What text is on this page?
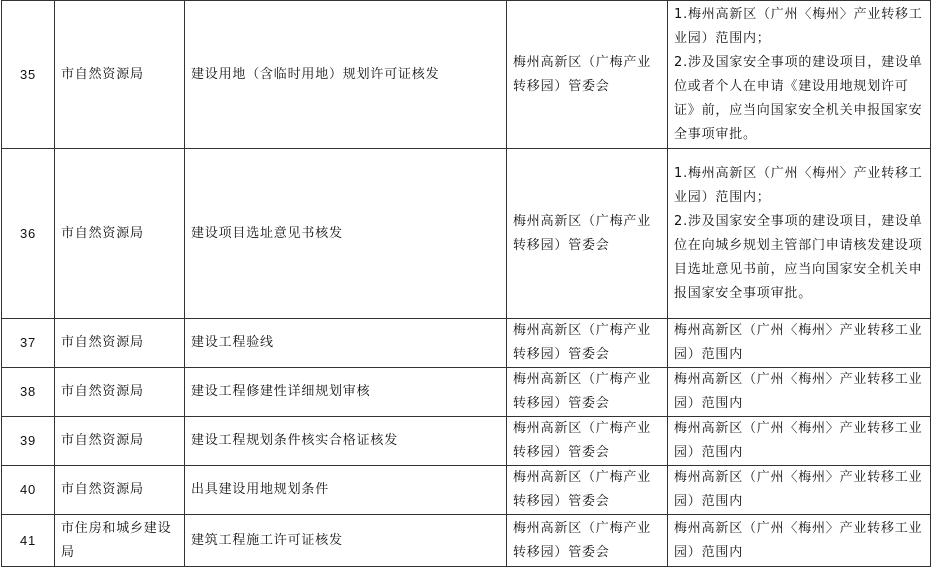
35	市自然资源局	建设用地（含临时用地）规划许可证核发	梅州高新区（广梅产业转移园）管委会	1.梅州高新区（广州〈梅州〉产业转移工业园）范围内；
2.涉及国家安全事项的建设项目，建设单位或者个人在申请《建设用地规划许可证》前，应当向国家安全机关申报国家安全事项审批。

36	市自然资源局	建设项目选址意见书核发	梅州高新区（广梅产业转移园）管委会	1.梅州高新区（广州〈梅州〉产业转移工业园）范围内；
2.涉及国家安全事项的建设项目，建设单位在向城乡规划主管部门申请核发建设项目选址意见书前，应当向国家安全机关申报国家安全事项审批。

37	市自然资源局	建设工程验线	梅州高新区（广梅产业转移园）管委会	梅州高新区（广州〈梅州〉产业转移工业园）范围内
38	市自然资源局	建设工程修建性详细规划审核	梅州高新区（广梅产业转移园）管委会	梅州高新区（广州〈梅州〉产业转移工业园）范围内
39	市自然资源局	建设工程规划条件核实合格证核发	梅州高新区（广梅产业转移园）管委会	梅州高新区（广州〈梅州〉产业转移工业园）范围内
40	市自然资源局	出具建设用地规划条件	梅州高新区（广梅产业转移园）管委会	梅州高新区（广州〈梅州〉产业转移工业园）范围内
41	市住房和城乡建设局	建筑工程施工许可证核发	梅州高新区（广梅产业转移园）管委会	梅州高新区（广州〈梅州〉产业转移工业园）范围内
